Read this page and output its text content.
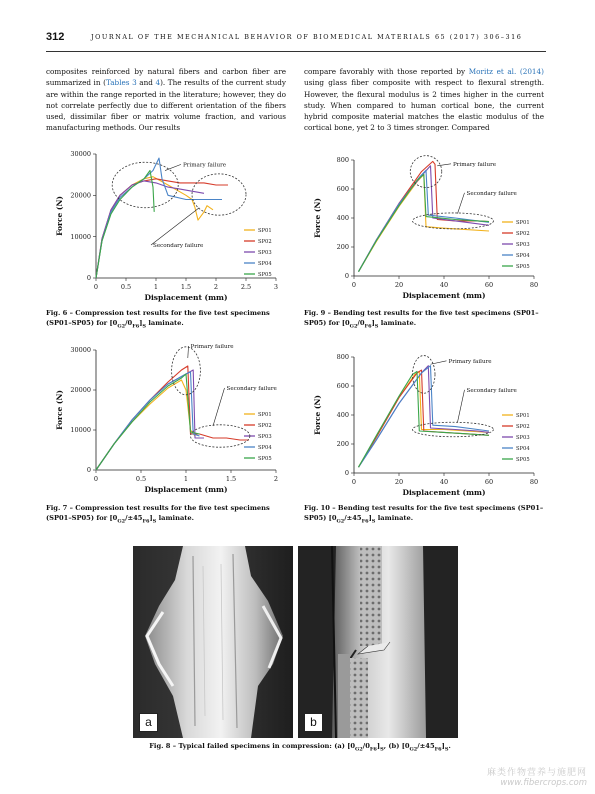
312	JOURNAL OF THE MECHANICAL BEHAVIOR OF BIOMEDICAL MATERIALS 65 (2017) 306–316

composites reinforced by natural fibers and carbon fiber are summarized in (Tables 3 and 4). The results of the current study are within the range reported in the literature; however, they do not correlate perfectly due to different orientation of the fibers used, dissimilar fiber or matrix volume fraction, and various manufacturing methods. Our results

compare favorably with those reported by Moritz et al. (2014) using glass fiber composite with respect to flexural strength. However, the flexural modulus is 2 times higher in the current study. When compared to human cortical bone, the current hybrid composite material matches the elastic modulus of the cortical bone, yet 2 to 3 times stronger. Compared

0	0.5	1	1.5	2	2.5	3
0
10000
20000
30000
Displacement (mm)
Force (N)	SP01
SP02
SP03
SP04
SP05
Primary failure
Secondary failure
Fig. 6 – Compression test results for the five test specimens (SP01–SP05) for $[0_{G2}/0_{F6}]_S$ laminate.
0	20	40	60	80
0
200
400
600
800
Displacement (mm)
Force (N)	SP01
SP02
SP03
SP04
SP05
Primary failure
Secondary failure
Fig. 9 – Bending test results for the five test specimens (SP01–SP05) for $[0_{G2}/0_{F6}]_S$ laminate.
0	0.5	1	1.5	2
0
10000
20000
30000
Displacement (mm)
Force (N)	SP01
SP02
SP03
SP04
SP05
Primary failure
Secondary failure
Fig. 7 – Compression test results for the five test specimens (SP01–SP05) for $[0_{G2}/\pm 45_{F6}]_S$ laminate.
0	20	40	60	80
0
200
400
600
800
Displacement (mm)
Force (N)	SP01
SP02
SP03
SP04
SP05
Primary failure
Secondary failure
Fig. 10 – Bending test results for the five test specimens (SP01–SP05) $[0_{G2}/\pm 45_{F6}]_S$ laminate.
a	b
Fig. 8 – Typical failed specimens in compression: (a) $[0_{G2}/0_{F6}]_S$, (b) $[0_{G2}/\pm 45_{F6}]_S$.
麻类作物营养与施肥网
www.fibercrops.com
